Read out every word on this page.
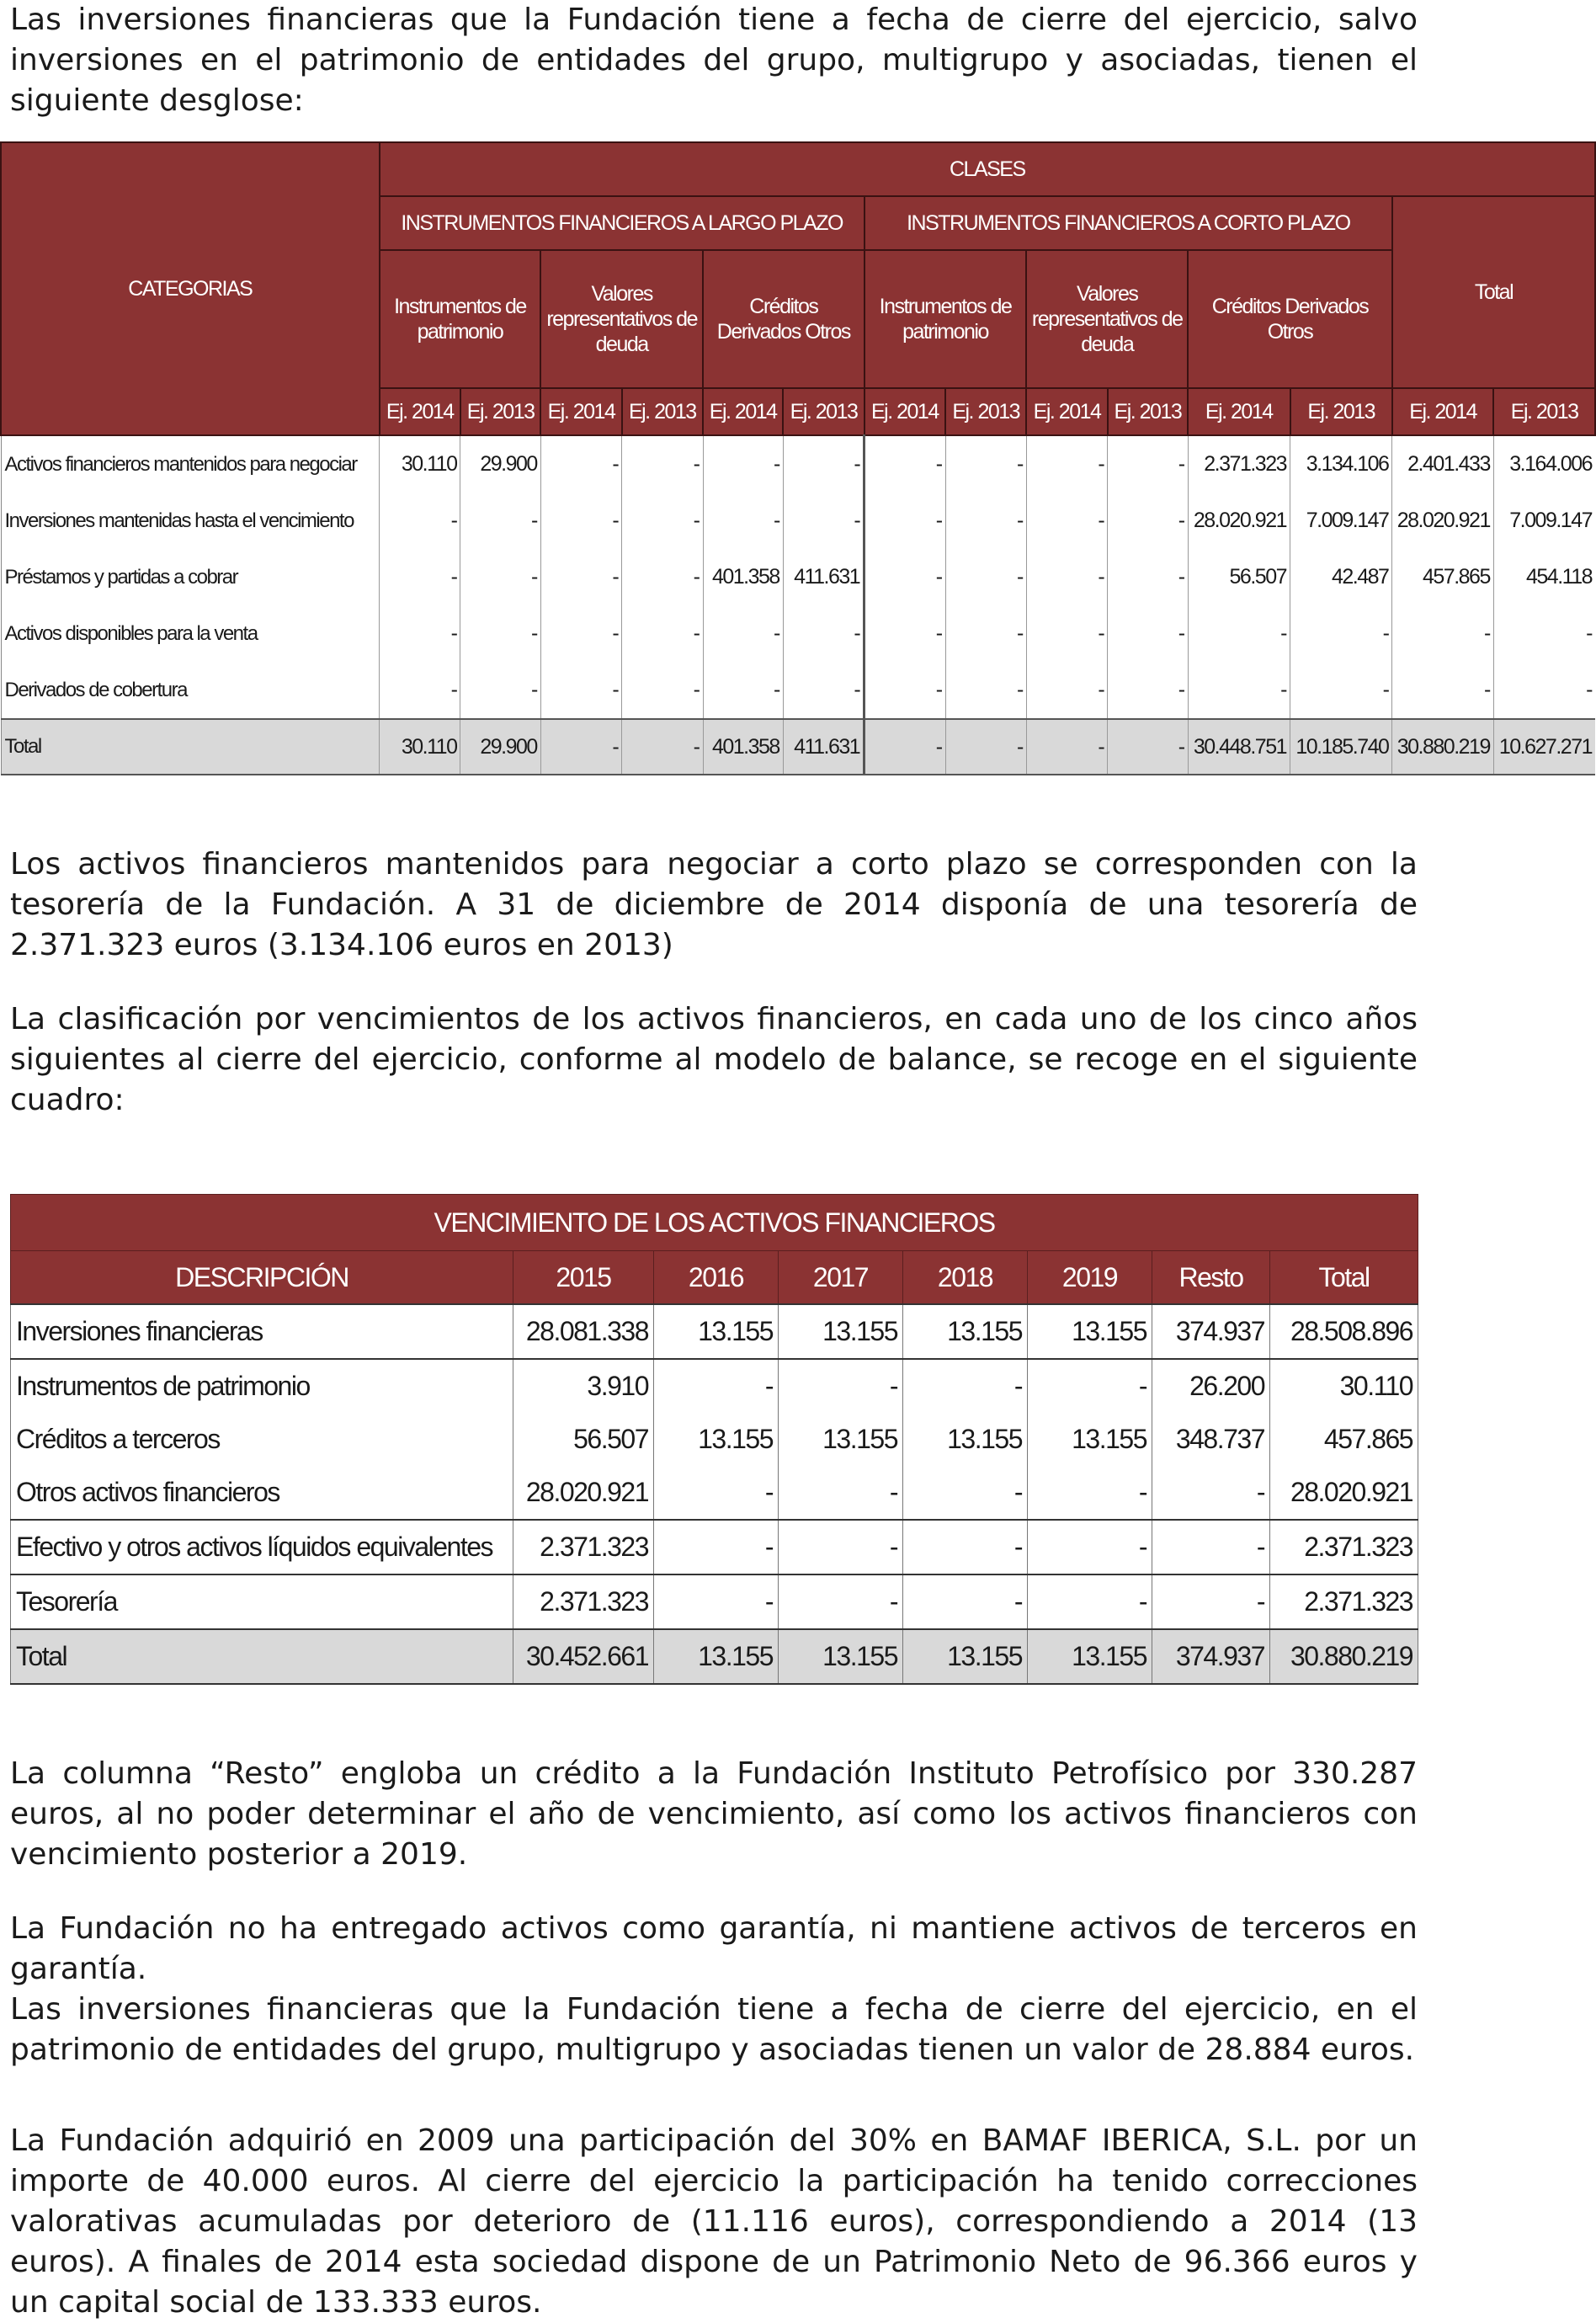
Las inversiones financieras que la Fundación tiene a fecha de cierre del ejercicio, salvo inversiones en el patrimonio de entidades del grupo, multigrupo y asociadas, tienen el siguiente desglose:

CATEGORIAS	CLASES													
	INSTRUMENTOS FINANCIEROS A LARGO PLAZO						INSTRUMENTOS FINANCIEROS A CORTO PLAZO						Total	
	Instrumentos de patrimonio		Valores representativos de deuda		Créditos Derivados Otros		Instrumentos de patrimonio		Valores representativos de deuda		Créditos Derivados Otros			
	Ej. 2014	Ej. 2013	Ej. 2014	Ej. 2013	Ej. 2014	Ej. 2013	Ej. 2014	Ej. 2013	Ej. 2014	Ej. 2013	Ej. 2014	Ej. 2013	Ej. 2014	Ej. 2013
Activos financieros mantenidos para negociar	30.110	29.900	-	-	-	-	-	-	-	-	2.371.323	3.134.106	2.401.433	3.164.006
Inversiones mantenidas hasta el vencimiento	-	-	-	-	-	-	-	-	-	-	28.020.921	7.009.147	28.020.921	7.009.147
Préstamos y partidas a cobrar	-	-	-	-	401.358	411.631	-	-	-	-	56.507	42.487	457.865	454.118
Activos disponibles para la venta	-	-	-	-	-	-	-	-	-	-	-	-	-	-
Derivados de cobertura	-	-	-	-	-	-	-	-	-	-	-	-	-	-
Total	30.110	29.900	-	-	401.358	411.631	-	-	-	-	30.448.751	10.185.740	30.880.219	10.627.271

Los activos financieros mantenidos para negociar a corto plazo se corresponden con la tesorería de la Fundación. A 31 de diciembre de 2014 disponía de una tesorería de 2.371.323 euros (3.134.106 euros en 2013)

La clasificación por vencimientos de los activos financieros, en cada uno de los cinco años siguientes al cierre del ejercicio, conforme al modelo de balance, se recoge en el siguiente cuadro:

VENCIMIENTO DE LOS ACTIVOS FINANCIEROS							
DESCRIPCIÓN	2015	2016	2017	2018	2019	Resto	Total
Inversiones financieras	28.081.338	13.155	13.155	13.155	13.155	374.937	28.508.896
Instrumentos de patrimonio	3.910	-	-	-	-	26.200	30.110
Créditos a terceros	56.507	13.155	13.155	13.155	13.155	348.737	457.865
Otros activos financieros	28.020.921	-	-	-	-	-	28.020.921
Efectivo y otros activos líquidos equivalentes	2.371.323	-	-	-	-	-	2.371.323
Tesorería	2.371.323	-	-	-	-	-	2.371.323
Total	30.452.661	13.155	13.155	13.155	13.155	374.937	30.880.219

La columna “Resto” engloba un crédito a la Fundación Instituto Petrofísico por 330.287 euros, al no poder determinar el año de vencimiento, así como los activos financieros con vencimiento posterior a 2019.

La Fundación no ha entregado activos como garantía, ni mantiene activos de terceros en garantía.

Las inversiones financieras que la Fundación tiene a fecha de cierre del ejercicio, en el patrimonio de entidades del grupo, multigrupo y asociadas tienen un valor de 28.884 euros.

La Fundación adquirió en 2009 una participación del 30% en BAMAF IBERICA, S.L. por un importe de 40.000 euros. Al cierre del ejercicio la participación ha tenido correcciones valorativas acumuladas por deterioro de (11.116 euros), correspondiendo a 2014 (13 euros). A finales de 2014 esta sociedad dispone de un Patrimonio Neto de 96.366 euros y un capital social de 133.333 euros.
